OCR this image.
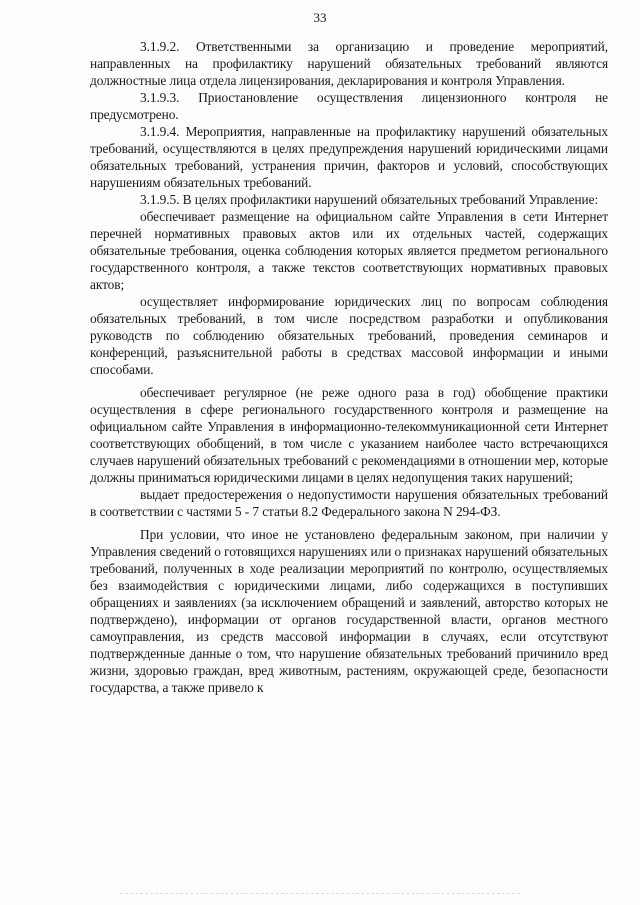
33

3.1.9.2. Ответственными за организацию и проведение мероприятий, направленных на профилактику нарушений обязательных требований являются должностные лица отдела лицензирования, декларирования и контроля Управления.

3.1.9.3. Приостановление осуществления лицензионного контроля не предусмотрено.

3.1.9.4. Мероприятия, направленные на профилактику нарушений обязательных требований, осуществляются в целях предупреждения нарушений юридическими лицами обязательных требований, устранения причин, факторов и условий, способствующих нарушениям обязательных требований.

3.1.9.5. В целях профилактики нарушений обязательных требований Управление:

обеспечивает размещение на официальном сайте Управления в сети Интернет перечней нормативных правовых актов или их отдельных частей, содержащих обязательные требования, оценка соблюдения которых является предметом регионального государственного контроля, а также текстов соответствующих нормативных правовых актов;

осуществляет информирование юридических лиц по вопросам соблюдения обязательных требований, в том числе посредством разработки и опубликования руководств по соблюдению обязательных требований, проведения семинаров и конференций, разъяснительной работы в средствах массовой информации и иными способами.

обеспечивает регулярное (не реже одного раза в год) обобщение практики осуществления в сфере регионального государственного контроля и размещение на официальном сайте Управления в информационно-телекоммуникационной сети Интернет соответствующих обобщений, в том числе с указанием наиболее часто встречающихся случаев нарушений обязательных требований с рекомендациями в отношении мер, которые должны приниматься юридическими лицами в целях недопущения таких нарушений;

выдает предостережения о недопустимости нарушения обязательных требований в соответствии с частями 5 - 7 статьи 8.2 Федерального закона N 294-ФЗ.

При условии, что иное не установлено федеральным законом, при наличии у Управления сведений о готовящихся нарушениях или о признаках нарушений обязательных требований, полученных в ходе реализации мероприятий по контролю, осуществляемых без взаимодействия с юридическими лицами, либо содержащихся в поступивших обращениях и заявлениях (за исключением обращений и заявлений, авторство которых не подтверждено), информации от органов государственной власти, органов местного самоуправления, из средств массовой информации в случаях, если отсутствуют подтвержденные данные о том, что нарушение обязательных требований причинило вред жизни, здоровью граждан, вред животным, растениям, окружающей среде, безопасности государства, а также привело к
